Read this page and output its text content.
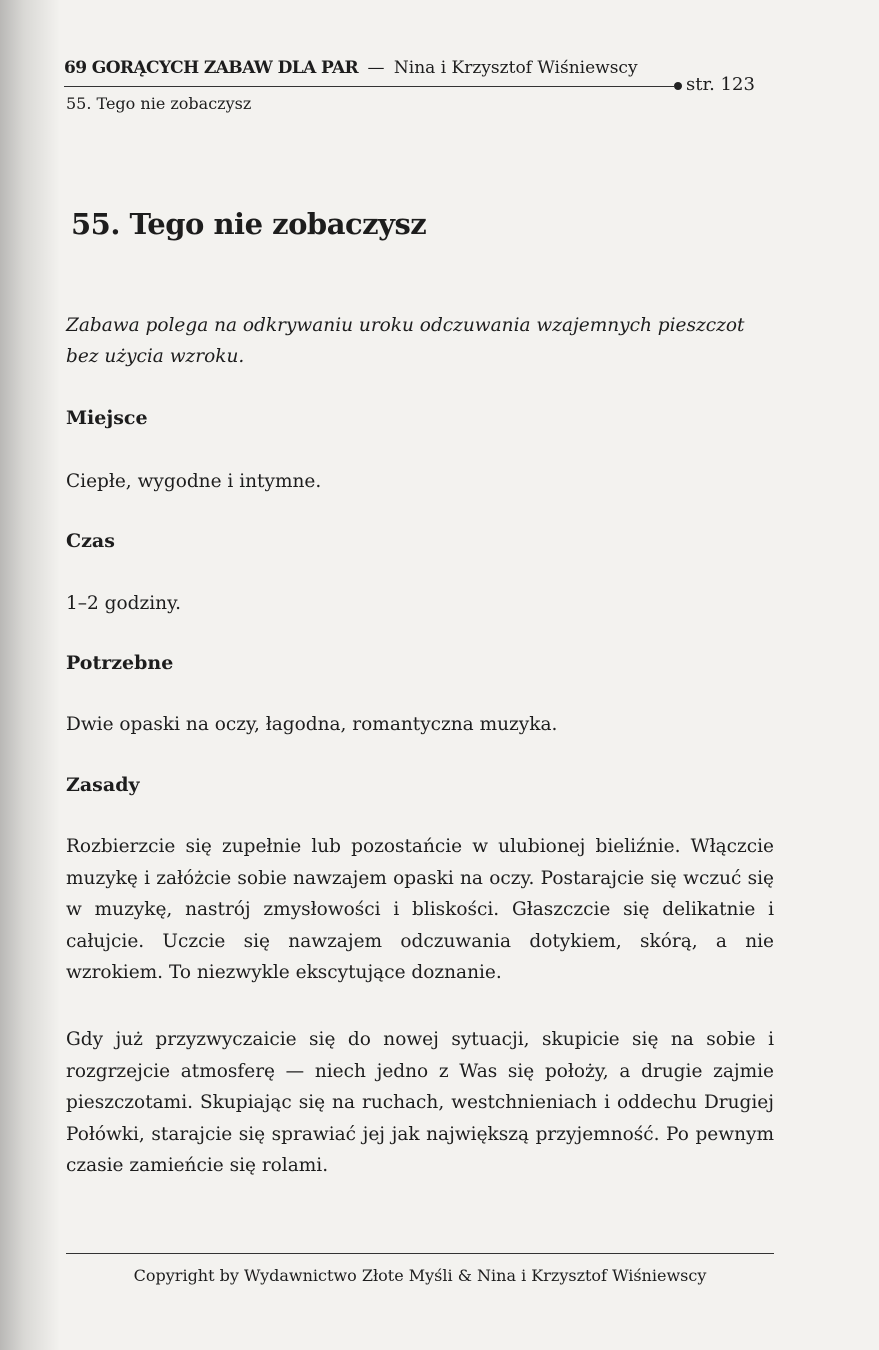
69 GORĄCYCH ZABAW DLA PAR — Nina i Krzysztof Wiśniewscy
str. 123
55. Tego nie zobaczysz
55. Tego nie zobaczysz

Zabawa polega na odkrywaniu uroku odczuwania wzajemnych pieszczot bez użycia wzroku.

Miejsce

Ciepłe, wygodne i intymne.

Czas

1–2 godziny.

Potrzebne

Dwie opaski na oczy, łagodna, romantyczna muzyka.

Zasady

Rozbierzcie się zupełnie lub pozostańcie w ulubionej bieliźnie. Włączcie muzykę i załóżcie sobie nawzajem opaski na oczy. Postarajcie się wczuć się w muzykę, nastrój zmysłowości i bliskości. Głaszczcie się delikatnie i całujcie. Uczcie się nawzajem odczuwania dotykiem, skórą, a nie wzrokiem. To niezwykle ekscytujące doznanie.

Gdy już przyzwyczaicie się do nowej sytuacji, skupicie się na sobie i rozgrzejcie atmosferę — niech jedno z Was się położy, a drugie zajmie pieszczotami. Skupiając się na ruchach, westchnieniach i oddechu Drugiej Połówki, starajcie się sprawiać jej jak największą przyjemność. Po pewnym czasie zamieńcie się rolami.

Copyright by Wydawnictwo Złote Myśli & Nina i Krzysztof Wiśniewscy
